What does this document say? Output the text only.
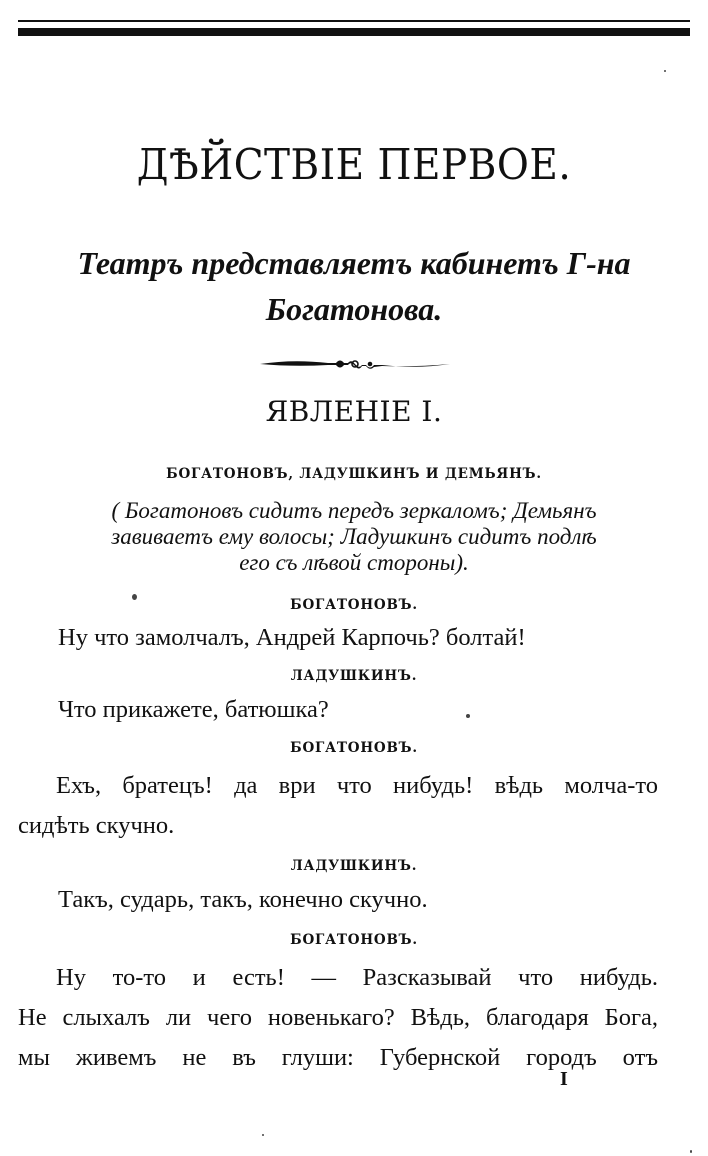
ДѢЙСТВІЕ ПЕРВОЕ.
Театръ представляетъ кабинетъ Г-на
Богатонова.
ЯВЛЕНІЕ I.
БОГАТОНОВЪ, ЛАДУШКИНЪ И ДЕМЬЯНЪ.
( Богатоновъ сидитъ передъ зеркаломъ; Демьянъ
завиваетъ ему волосы; Ладушкинъ сидитъ подлѣ
его съ лѣвой стороны).
БОГАТОНОВЪ.
Ну что замолчалъ, Андрей Карпочь? болтай!
ЛАДУШКИНЪ.
Что прикажете, батюшка?
БОГАТОНОВЪ.
Ехъ, братецъ! да ври что нибудь! вѣдь молча-то
сидѣть скучно.
ЛАДУШКИНЪ.
Такъ, сударь, такъ, конечно скучно.
БОГАТОНОВЪ.
Ну то-то и есть! — Разсказывай что нибудь.
Не слыхалъ ли чего новенькаго? Вѣдь, благодаря Бога,
мы живемъ не въ глуши: Губернской городъ отъ
I
